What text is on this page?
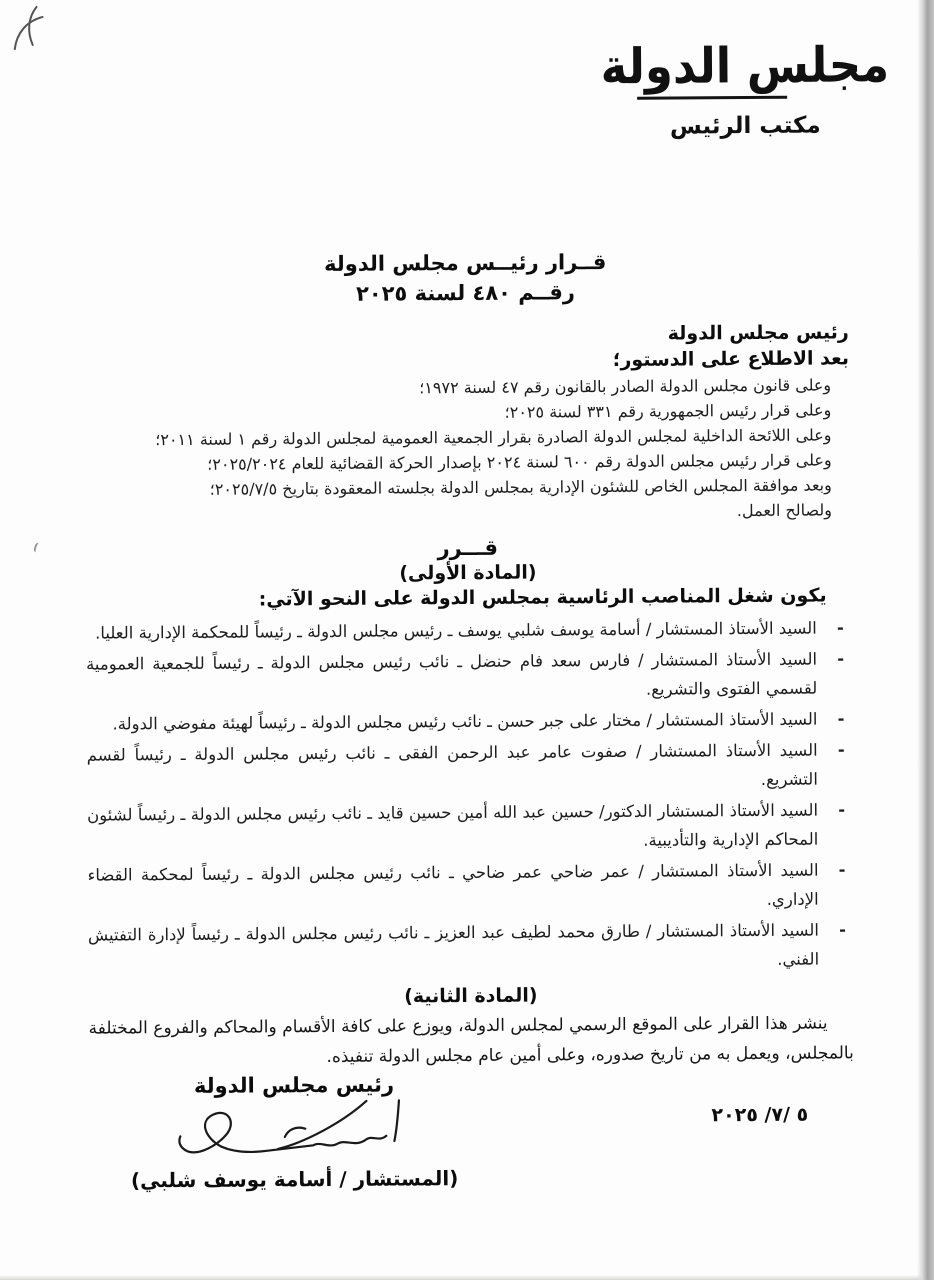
مجلس الدولة
مكتب الرئيس
قــرار رئيــس مجلس الدولة
رقــم ٤٨٠ لسنة ٢٠٢٥
رئيس مجلس الدولة
بعد الاطلاع على الدستور؛
وعلى قانون مجلس الدولة الصادر بالقانون رقم ٤٧ لسنة ١٩٧٢؛
وعلى قرار رئيس الجمهورية رقم ٣٣١ لسنة ٢٠٢٥؛
وعلى اللائحة الداخلية لمجلس الدولة الصادرة بقرار الجمعية العمومية لمجلس الدولة رقم ١ لسنة ٢٠١١؛
وعلى قرار رئيس مجلس الدولة رقم ٦٠٠ لسنة ٢٠٢٤ بإصدار الحركة القضائية للعام ٢٠٢٥/٢٠٢٤؛
وبعد موافقة المجلس الخاص للشئون الإدارية بمجلس الدولة بجلسته المعقودة بتاريخ ٢٠٢٥/٧/٥؛
ولصالح العمل.
قـــرر
(المادة الأولى)
يكون شغل المناصب الرئاسية بمجلس الدولة على النحو الآتي:
-
السيد الأستاذ المستشار / أسامة يوسف شلبي يوسف ـ رئيس مجلس الدولة ـ رئيساً للمحكمة الإدارية العليا.
-
السيد الأستاذ المستشار / فارس سعد فام حنضل ـ نائب رئيس مجلس الدولة ـ رئيساً للجمعية العمومية لقسمي الفتوى والتشريع.
-
السيد الأستاذ المستشار / مختار على جبر حسن ـ نائب رئيس مجلس الدولة ـ رئيساً لهيئة مفوضي الدولة.
-
السيد الأستاذ المستشار / صفوت عامر عبد الرحمن الفقى ـ نائب رئيس مجلس الدولة ـ رئيساً لقسم التشريع.
-
السيد الأستاذ المستشار الدكتور/ حسين عبد الله أمين حسين قايد ـ نائب رئيس مجلس الدولة ـ رئيساً لشئون المحاكم الإدارية والتأديبية.
-
السيد الأستاذ المستشار / عمر ضاحي عمر ضاحي ـ نائب رئيس مجلس الدولة ـ رئيساً لمحكمة القضاء الإداري.
-
السيد الأستاذ المستشار / طارق محمد لطيف عبد العزيز ـ نائب رئيس مجلس الدولة ـ رئيساً لإدارة التفتيش الفني.
(المادة الثانية)
ينشر هذا القرار على الموقع الرسمي لمجلس الدولة، ويوزع على كافة الأقسام والمحاكم والفروع المختلفة بالمجلس، ويعمل به من تاريخ صدوره، وعلى أمين عام مجلس الدولة تنفيذه.
٥ /٧/ ٢٠٢٥
رئيس مجلس الدولة
(المستشار / أسامة يوسف شلبي)
